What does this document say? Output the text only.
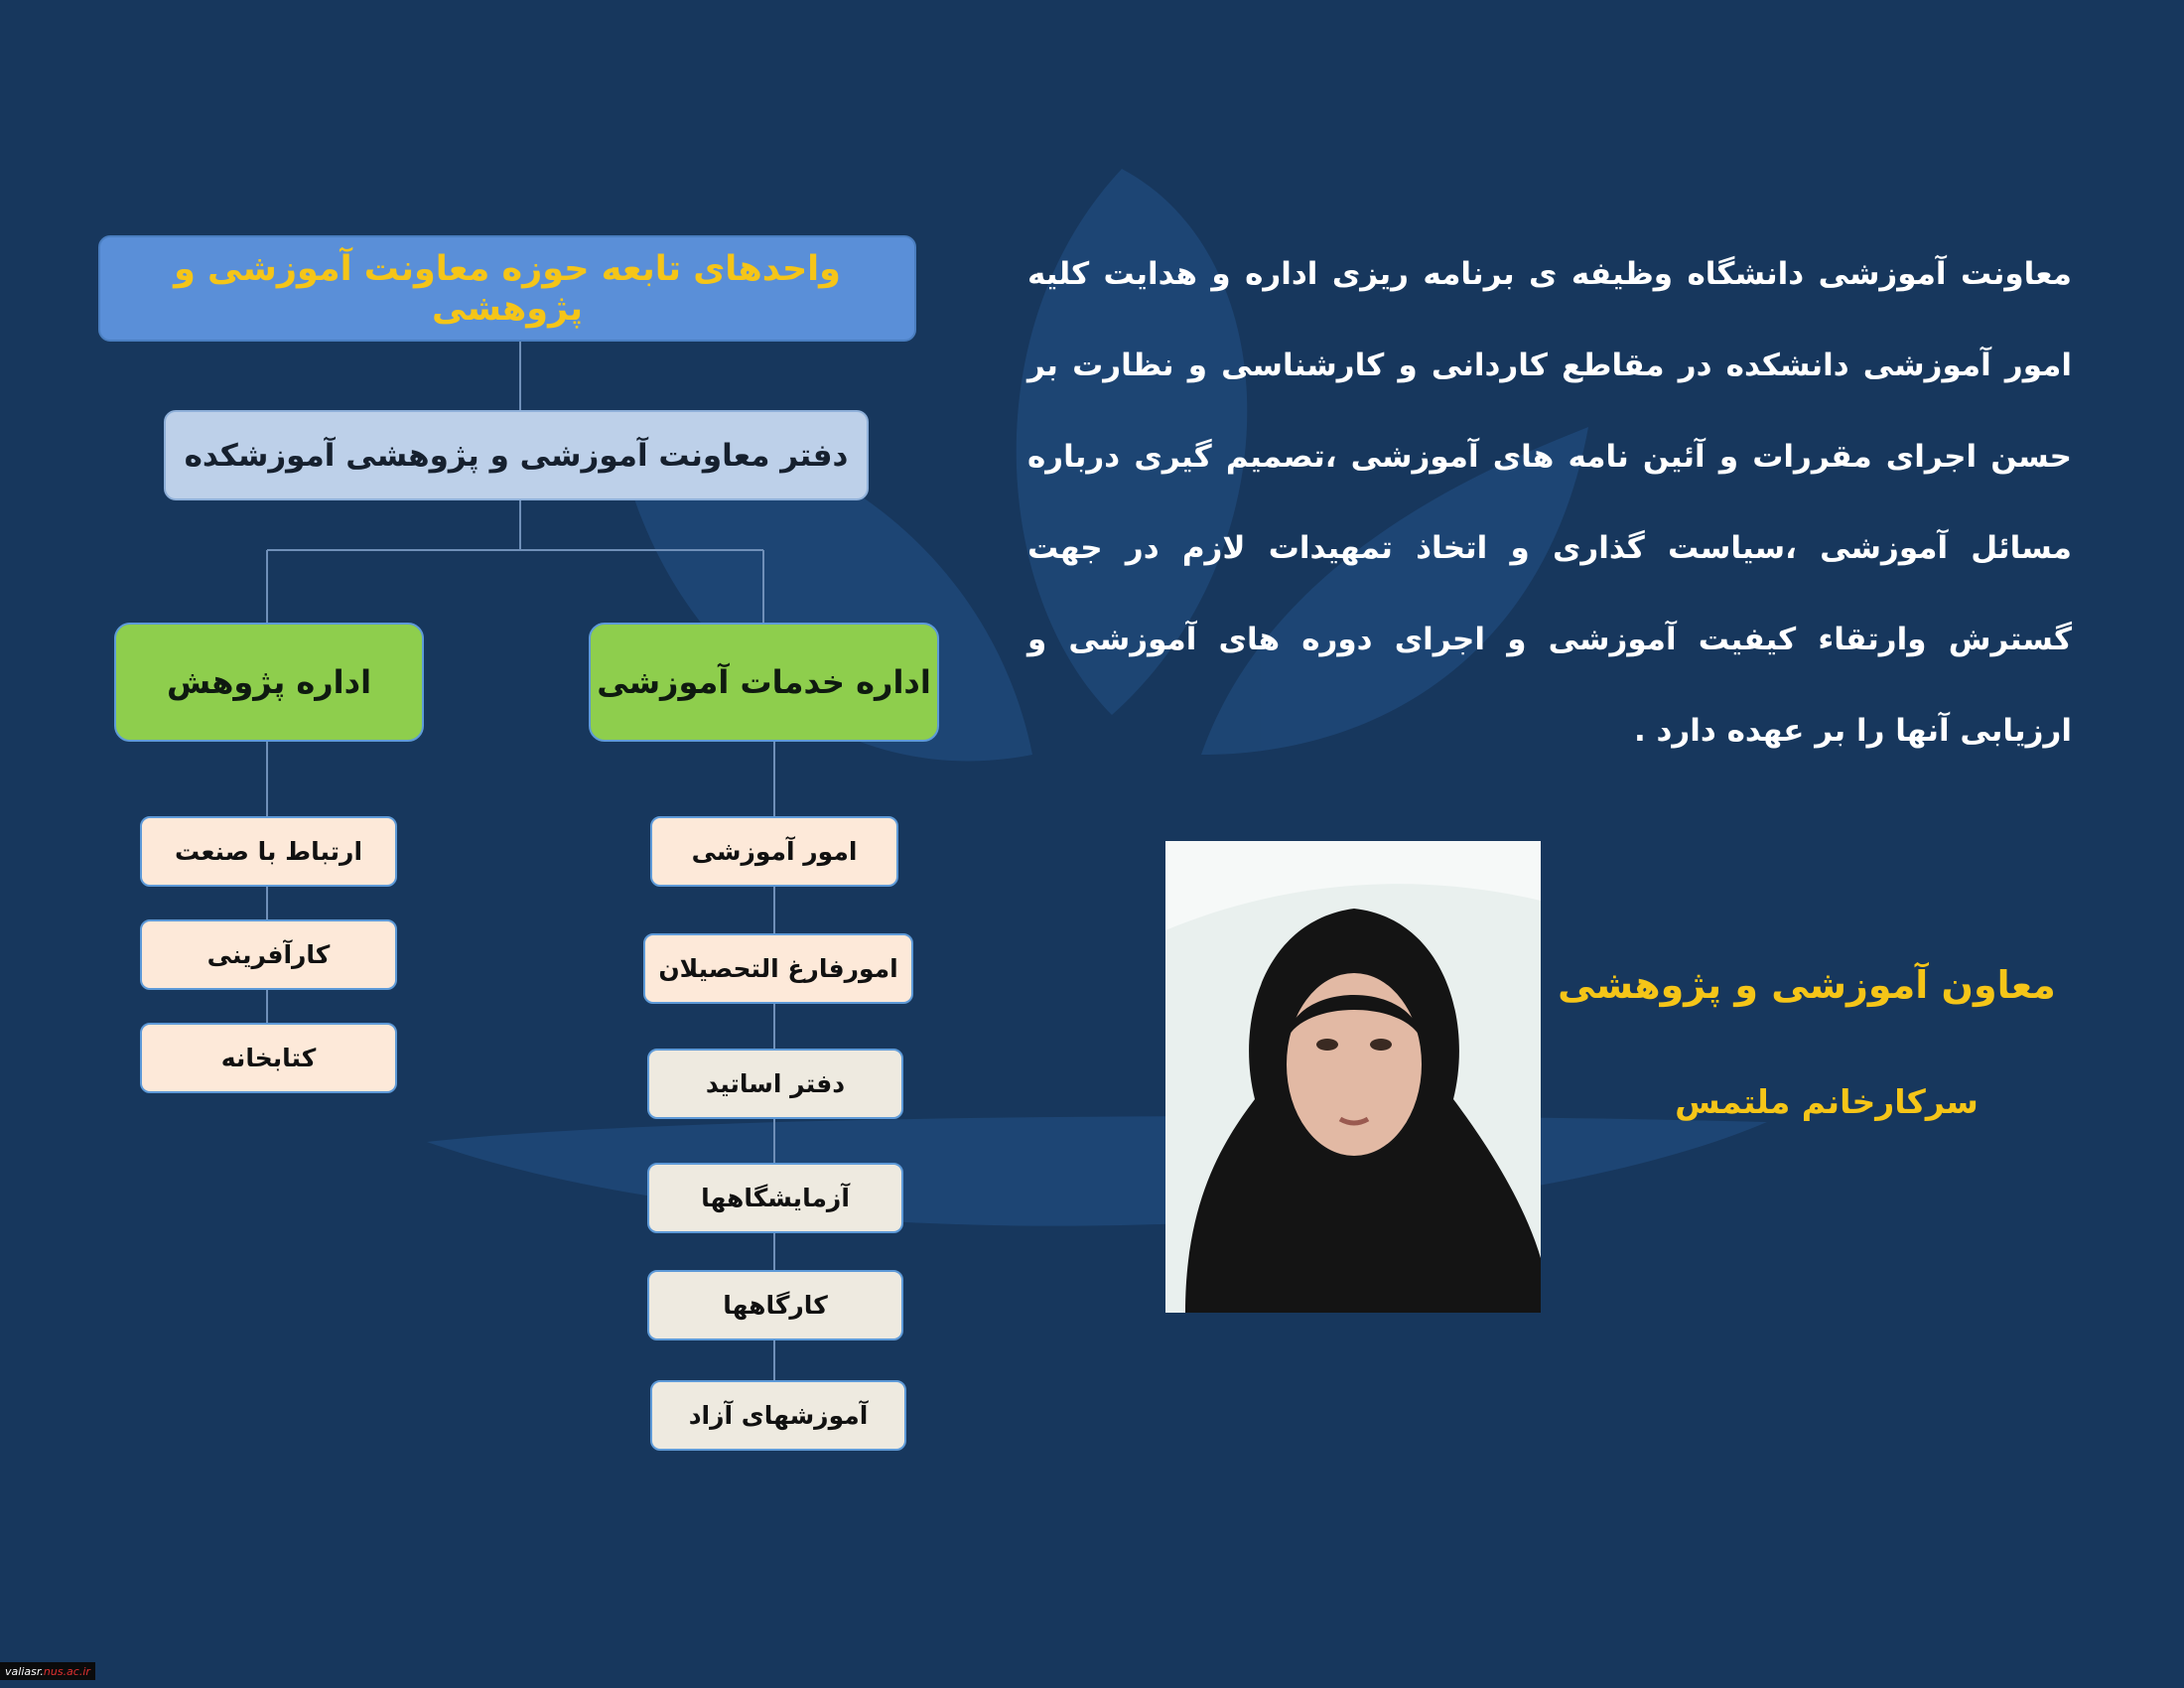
واحدهای تابعه حوزه معاونت آموزشی و پژوهشی
دفتر معاونت آموزشی و پژوهشی آموزشکده
اداره خدمات آموزشی
اداره پژوهش
امور آموزشی
امورفارغ التحصیلان
دفتر اساتید
آزمایشگاهها
کارگاهها
آموزشهای آزاد
ارتباط با صنعت
کارآفرینی
کتابخانه
معاونت آموزشی دانشگاه وظیفه ی برنامه ریزی اداره و هدایت کلیه امور آموزشی دانشکده در مقاطع کاردانی و کارشناسی و نظارت بر حسن اجرای مقررات و آئین نامه های آموزشی ،تصمیم گیری درباره مسائل آموزشی ،سیاست گذاری و اتخاذ تمهیدات لازم در جهت گسترش وارتقاء کیفیت آموزشی و اجرای دوره های آموزشی و ارزیابی آنها را بر عهده دارد .
معاون آموزشی و پژوهشی
سرکارخانم ملتمس
valiasr. nus.ac.ir
